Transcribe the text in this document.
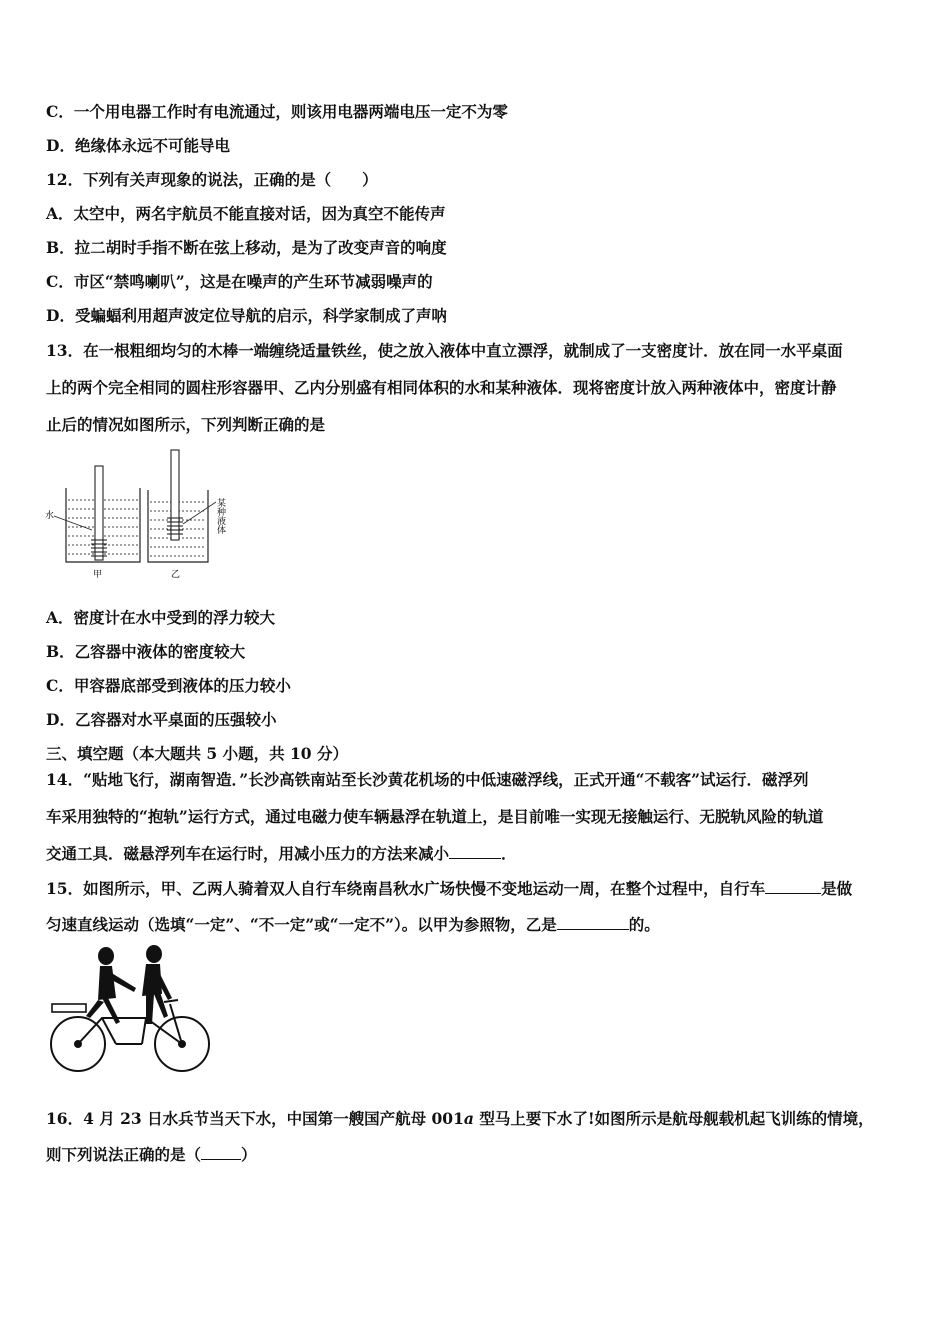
C．一个用电器工作时有电流通过，则该用电器两端电压一定不为零
D．绝缘体永远不可能导电
12．下列有关声现象的说法，正确的是（　　）
A．太空中，两名宇航员不能直接对话，因为真空不能传声
B．拉二胡时手指不断在弦上移动，是为了改变声音的响度
C．市区“禁鸣喇叭”，这是在噪声的产生环节减弱噪声的
D．受蝙蝠利用超声波定位导航的启示，科学家制成了声呐
13．在一根粗细均匀的木棒一端缠绕适量铁丝，使之放入液体中直立漂浮，就制成了一支密度计．放在同一水平桌面
上的两个完全相同的圆柱形容器甲、乙内分别盛有相同体积的水和某种液体．现将密度计放入两种液体中，密度计静
止后的情况如图所示，下列判断正确的是
水	某种液体
甲	乙
A．密度计在水中受到的浮力较大
B．乙容器中液体的密度较大
C．甲容器底部受到液体的压力较小
D．乙容器对水平桌面的压强较小
三、填空题（本大题共 5 小题，共 10 分）
14．“贴地飞行，湖南智造．”长沙高铁南站至长沙黄花机场的中低速磁浮线，正式开通“不载客”试运行．磁浮列
车采用独特的“抱轨”运行方式，通过电磁力使车辆悬浮在轨道上，是目前唯一实现无接触运行、无脱轨风险的轨道
交通工具．磁悬浮列车在运行时，用减小压力的方法来减小	．
15．如图所示，甲、乙两人骑着双人自行车绕南昌秋水广场快慢不变地运动一周，在整个过程中，自行车	是做
匀速直线运动（选填“一定”、“不一定”或“一定不”）。以甲为参照物，乙是	的。
16．4 月 23 日水兵节当天下水，中国第一艘国产航母 001a 型马上要下水了!如图所示是航母舰载机起飞训练的情境，
则下列说法正确的是（	）
